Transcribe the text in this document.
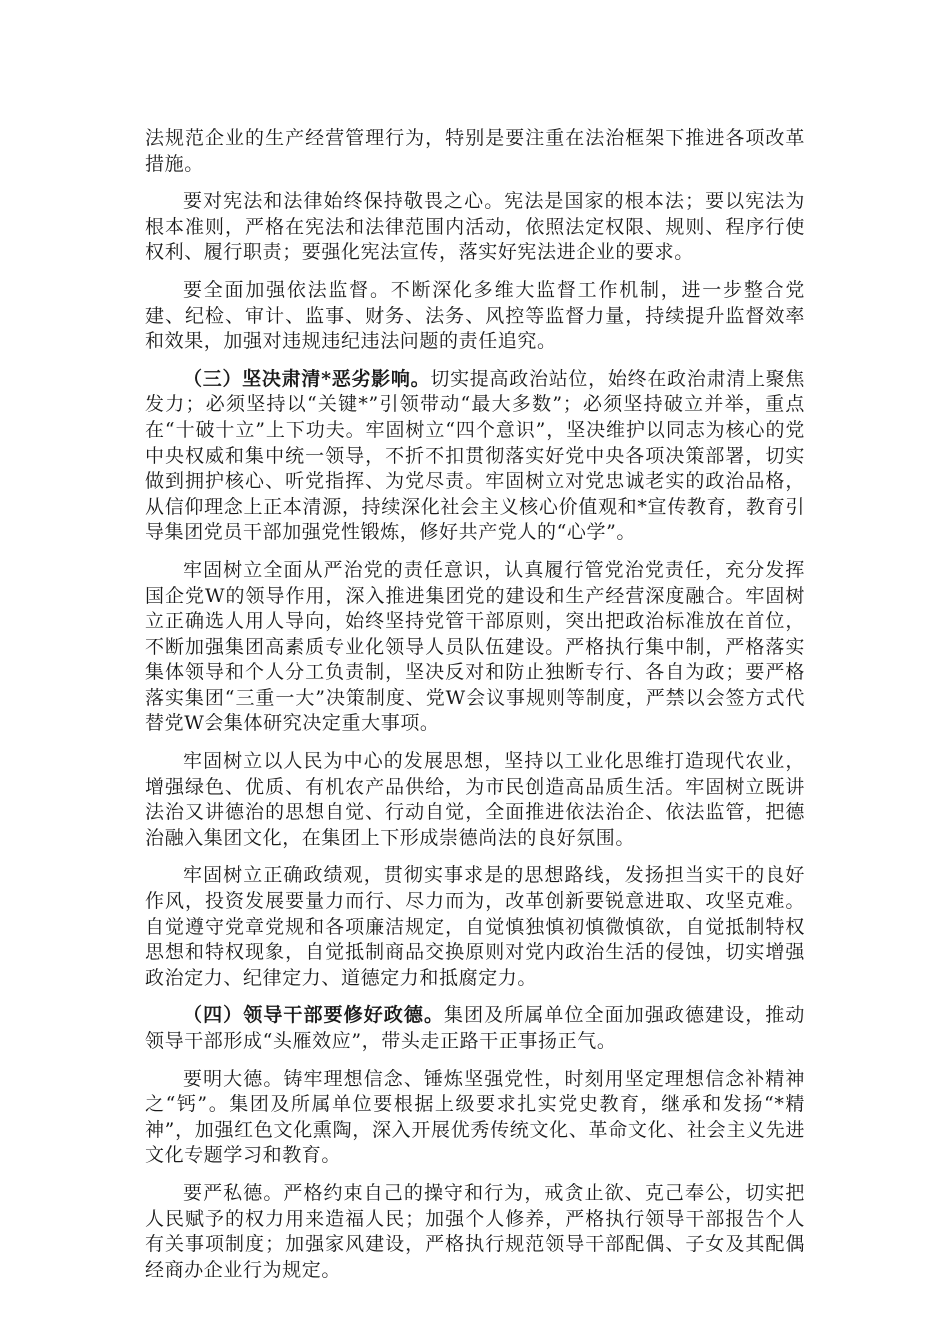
法规范企业的生产经营管理行为，特别是要注重在法治框架下推进各项改革措施。

要对宪法和法律始终保持敬畏之心。宪法是国家的根本法；要以宪法为根本准则，严格在宪法和法律范围内活动，依照法定权限、规则、程序行使权利、履行职责；要强化宪法宣传，落实好宪法进企业的要求。

要全面加强依法监督。不断深化多维大监督工作机制，进一步整合党建、纪检、审计、监事、财务、法务、风控等监督力量，持续提升监督效率和效果，加强对违规违纪违法问题的责任追究。

（三）坚决肃清*恶劣影响。切实提高政治站位，始终在政治肃清上聚焦发力；必须坚持以“关键*”引领带动“最大多数”；必须坚持破立并举，重点在“十破十立”上下功夫。牢固树立“四个意识”，坚决维护以同志为核心的党中央权威和集中统一领导，不折不扣贯彻落实好党中央各项决策部署，切实做到拥护核心、听党指挥、为党尽责。牢固树立对党忠诚老实的政治品格，从信仰理念上正本清源，持续深化社会主义核心价值观和*宣传教育，教育引导集团党员干部加强党性锻炼，修好共产党人的“心学”。

牢固树立全面从严治党的责任意识，认真履行管党治党责任，充分发挥国企党W的领导作用，深入推进集团党的建设和生产经营深度融合。牢固树立正确选人用人导向，始终坚持党管干部原则，突出把政治标准放在首位，不断加强集团高素质专业化领导人员队伍建设。严格执行集中制，严格落实集体领导和个人分工负责制，坚决反对和防止独断专行、各自为政；要严格落实集团“三重一大”决策制度、党W会议事规则等制度，严禁以会签方式代替党W会集体研究决定重大事项。

牢固树立以人民为中心的发展思想，坚持以工业化思维打造现代农业，增强绿色、优质、有机农产品供给，为市民创造高品质生活。牢固树立既讲法治又讲德治的思想自觉、行动自觉，全面推进依法治企、依法监管，把德治融入集团文化，在集团上下形成崇德尚法的良好氛围。

牢固树立正确政绩观，贯彻实事求是的思想路线，发扬担当实干的良好作风，投资发展要量力而行、尽力而为，改革创新要锐意进取、攻坚克难。自觉遵守党章党规和各项廉洁规定，自觉慎独慎初慎微慎欲，自觉抵制特权思想和特权现象，自觉抵制商品交换原则对党内政治生活的侵蚀，切实增强政治定力、纪律定力、道德定力和抵腐定力。

（四）领导干部要修好政德。集团及所属单位全面加强政德建设，推动领导干部形成“头雁效应”，带头走正路干正事扬正气。

要明大德。铸牢理想信念、锤炼坚强党性，时刻用坚定理想信念补精神之“钙”。集团及所属单位要根据上级要求扎实党史教育，继承和发扬“*精神”，加强红色文化熏陶，深入开展优秀传统文化、革命文化、社会主义先进文化专题学习和教育。

要严私德。严格约束自己的操守和行为，戒贪止欲、克己奉公，切实把人民赋予的权力用来造福人民；加强个人修养，严格执行领导干部报告个人有关事项制度；加强家风建设，严格执行规范领导干部配偶、子女及其配偶经商办企业行为规定。
